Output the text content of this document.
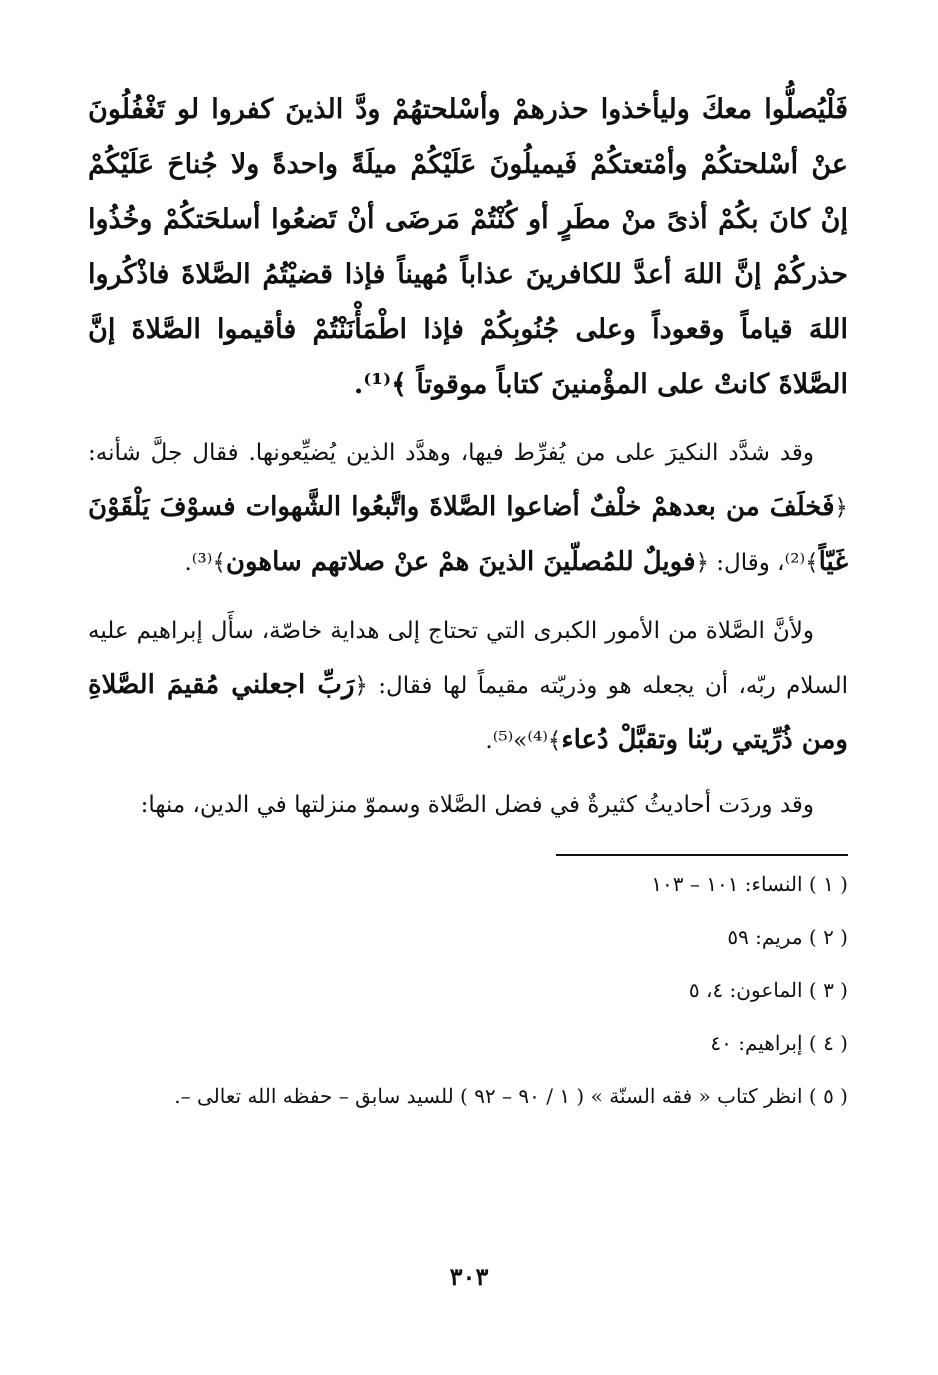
فَلْيُصلُّوا معكَ وليأخذوا حذرهمْ وأسْلحتهُمْ ودَّ الذينَ كفروا لو تَغْفُلُونَ عنْ أسْلحتكُمْ وأمْتعتكُمْ فَيميلُونَ عَلَيْكُمْ ميلَةً واحدةً ولا جُناحَ عَلَيْكُمْ إنْ كانَ بكُمْ أذىً منْ مطَرٍ أو كُنْتُمْ مَرضَى أنْ تَضعُوا أسلحَتكُمْ وخُذُوا حذركُمْ إنَّ اللهَ أعدَّ للكافرينَ عذاباً مُهيناً فإذا قضيْتُمُ الصَّلاةَ فاذْكُروا اللهَ قياماً وقعوداً وعلى جُنُوبِكُمْ فإذا اطْمَأْنَنْتُمْ فأقيموا الصَّلاةَ إنَّ الصَّلاةَ كانتْ على المؤْمنينَ كتاباً موقوتاً ﴾⁽¹⁾.

وقد شدَّد النكيرَ على من يُفرِّط فيها، وهدَّد الذين يُضيِّعونها. فقال جلَّ شأنه: ﴿فَخلَفَ من بعدهمْ خلْفٌ أضاعوا الصَّلاةَ واتَّبعُوا الشَّهوات فسوْفَ يَلْقَوْنَ غَيّاً﴾⁽²⁾، وقال: ﴿فويلٌ للمُصلّينَ الذينَ همْ عنْ صلاتهم ساهون﴾⁽³⁾.

ولأنَّ الصَّلاة من الأمور الكبرى التي تحتاج إلى هداية خاصّة، سأَل إبراهيم عليه السلام ربّه، أن يجعله هو وذريّته مقيماً لها فقال: ﴿رَبِّ اجعلني مُقيمَ الصَّلاةِ ومن ذُرِّيتي ربّنا وتقبَّلْ دُعاء﴾⁽⁴⁾»⁽⁵⁾.

وقد وردَت أحاديثُ كثيرةٌ في فضل الصَّلاة وسموّ منزلتها في الدين، منها:

( ١ ) النساء: ١٠١ – ١٠٣
( ٢ ) مريم: ٥٩
( ٣ ) الماعون: ٤، ٥
( ٤ ) إبراهيم: ٤٠
( ٥ ) انظر كتاب « فقه السنّة » ( ١ / ٩٠ – ٩٢ ) للسيد سابق – حفظه الله تعالى –.
٣٠٣
